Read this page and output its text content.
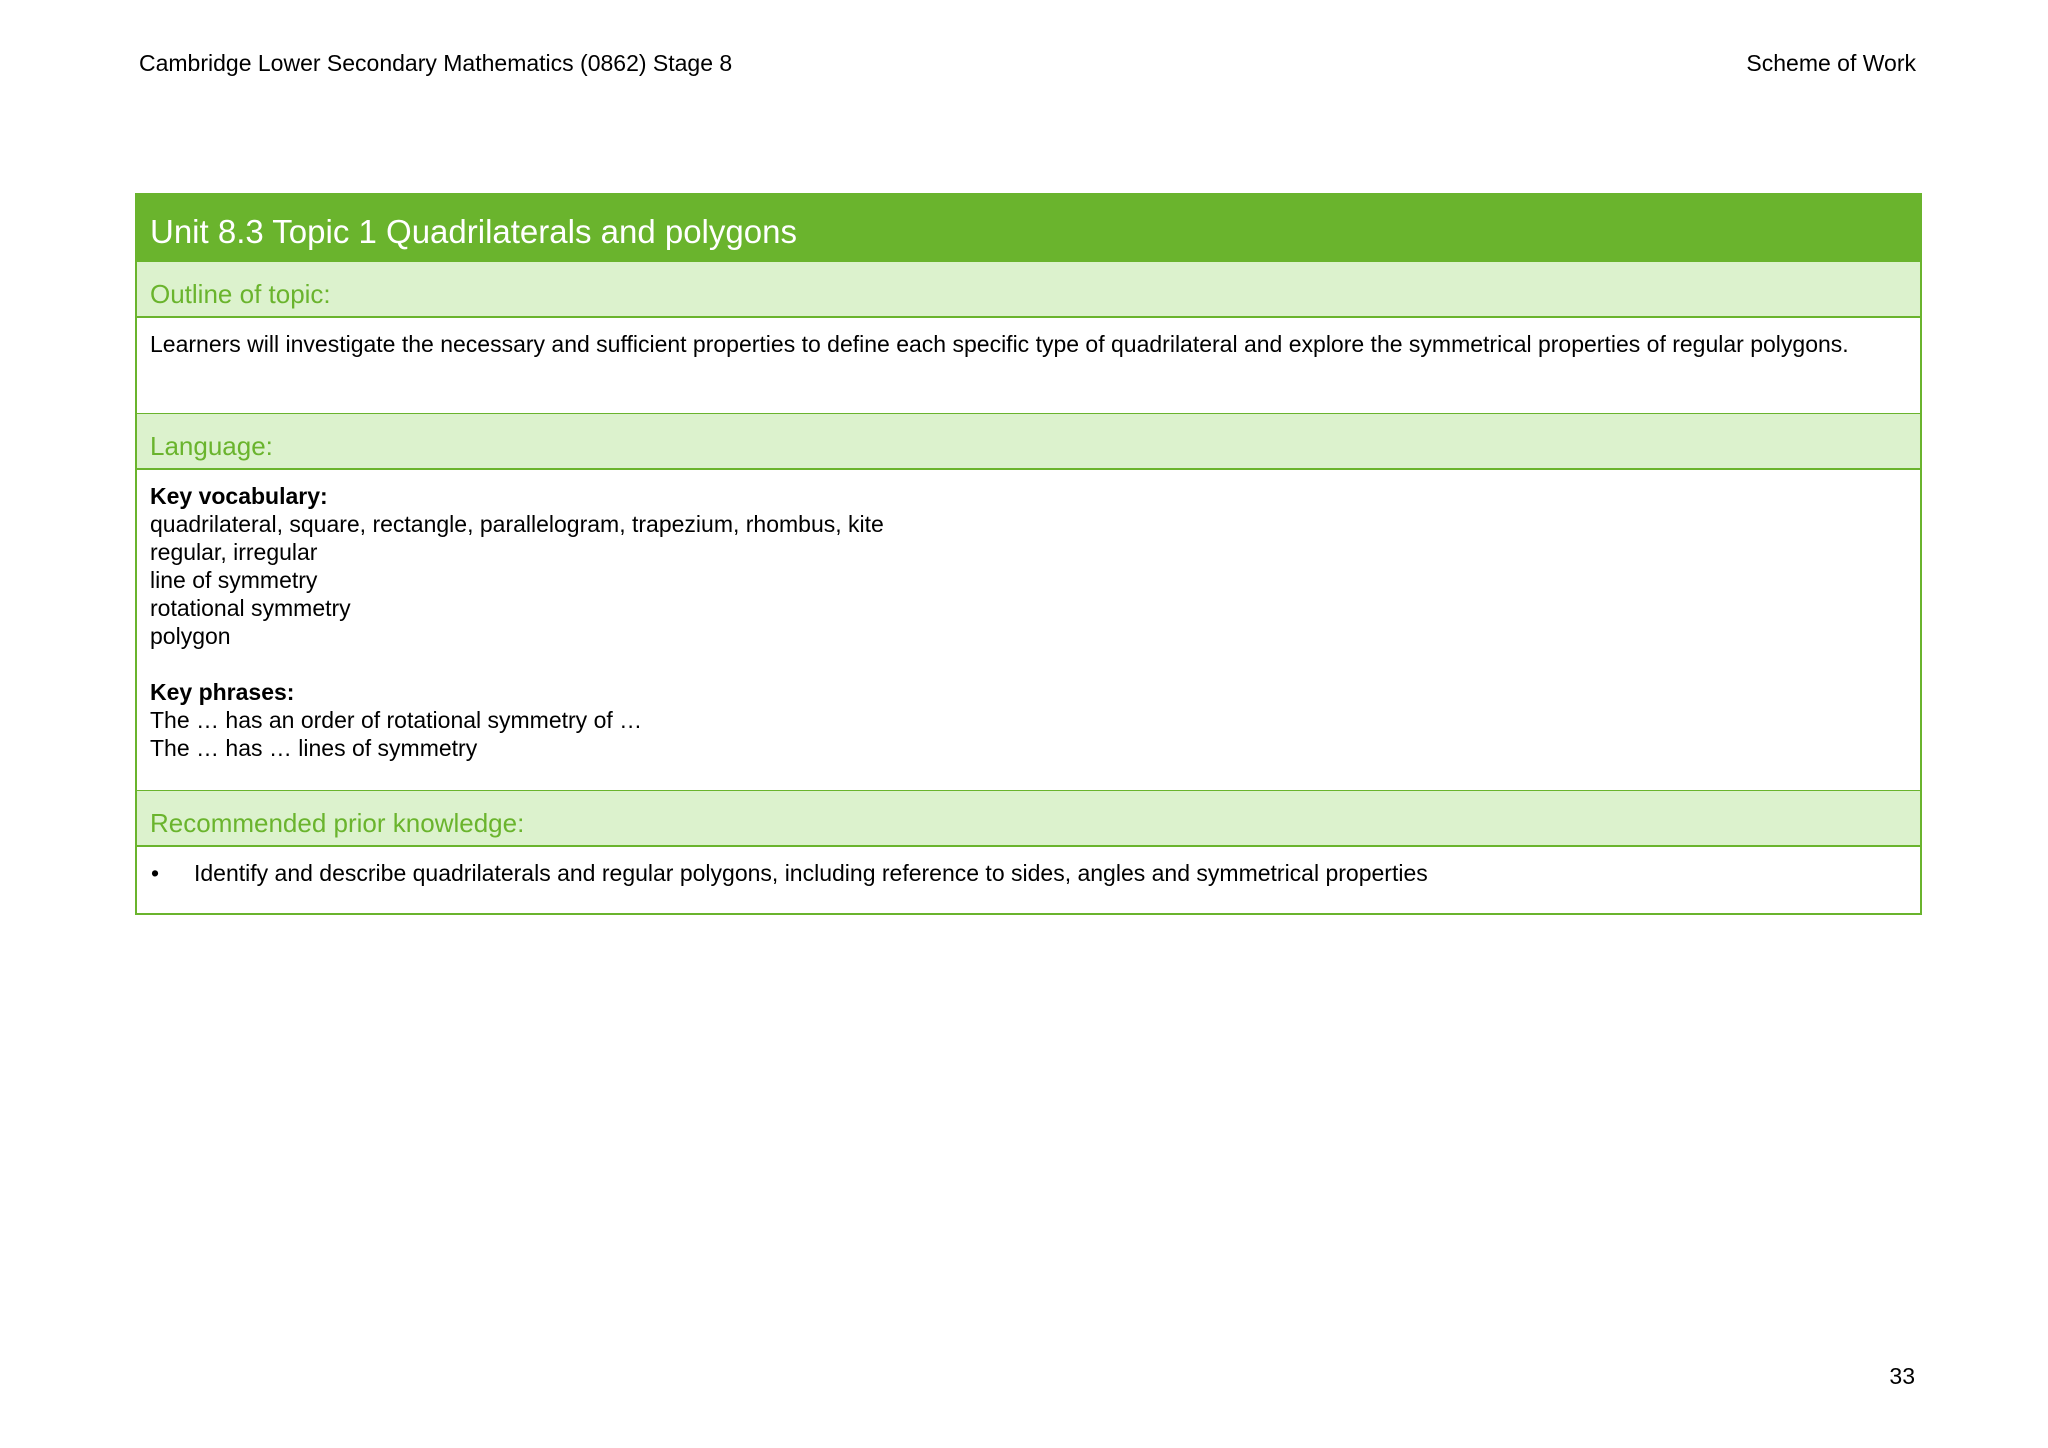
Cambridge Lower Secondary Mathematics (0862) Stage 8	Scheme of Work
Unit 8.3 Topic 1 Quadrilaterals and polygons
Outline of topic:
Learners will investigate the necessary and sufficient properties to define each specific type of quadrilateral and explore the symmetrical properties of regular polygons.
Language:
Key vocabulary:
quadrilateral, square, rectangle, parallelogram, trapezium, rhombus, kite
regular, irregular
line of symmetry
rotational symmetry
polygon
Key phrases:
The … has an order of rotational symmetry of …
The … has … lines of symmetry
Recommended prior knowledge:
•	Identify and describe quadrilaterals and regular polygons, including reference to sides, angles and symmetrical properties
33
